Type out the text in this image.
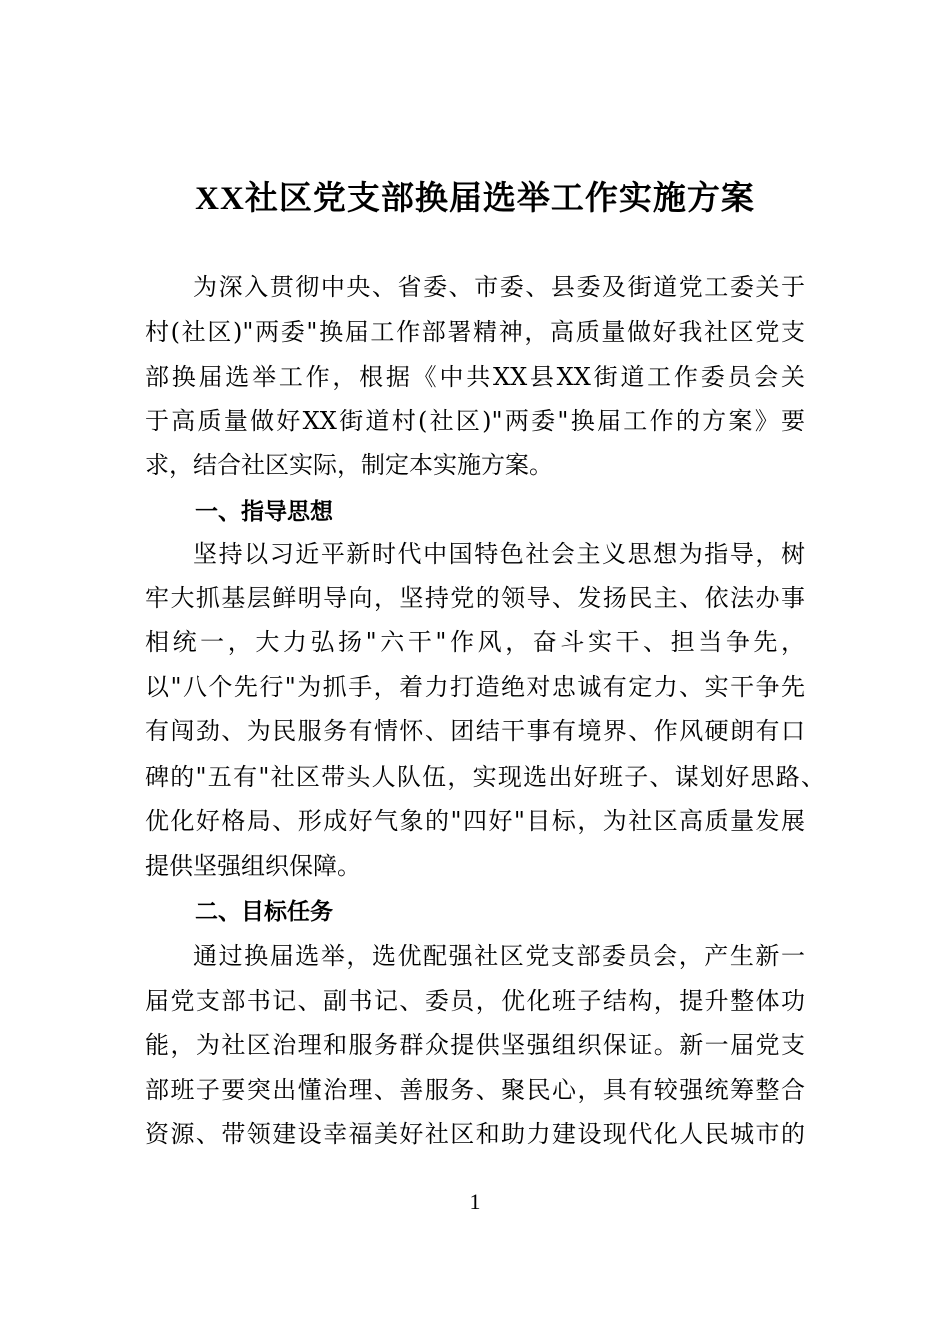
XX社区党支部换届选举工作实施方案
为深入贯彻中央、省委、市委、县委及街道党工委关于
村(社区)"两委"换届工作部署精神，高质量做好我社区党支
部换届选举工作，根据《中共XX县XX街道工作委员会关
于高质量做好XX街道村(社区)"两委"换届工作的方案》要
求，结合社区实际，制定本实施方案。
一、指导思想
坚持以习近平新时代中国特色社会主义思想为指导，树
牢大抓基层鲜明导向，坚持党的领导、发扬民主、依法办事
相统一，大力弘扬"六干"作风，奋斗实干、担当争先，
以"八个先行"为抓手，着力打造绝对忠诚有定力、实干争先
有闯劲、为民服务有情怀、团结干事有境界、作风硬朗有口
碑的"五有"社区带头人队伍，实现选出好班子、谋划好思路、
优化好格局、形成好气象的"四好"目标，为社区高质量发展
提供坚强组织保障。
二、目标任务
通过换届选举，选优配强社区党支部委员会，产生新一
届党支部书记、副书记、委员，优化班子结构，提升整体功
能，为社区治理和服务群众提供坚强组织保证。新一届党支
部班子要突出懂治理、善服务、聚民心，具有较强统筹整合
资源、带领建设幸福美好社区和助力建设现代化人民城市的
1
